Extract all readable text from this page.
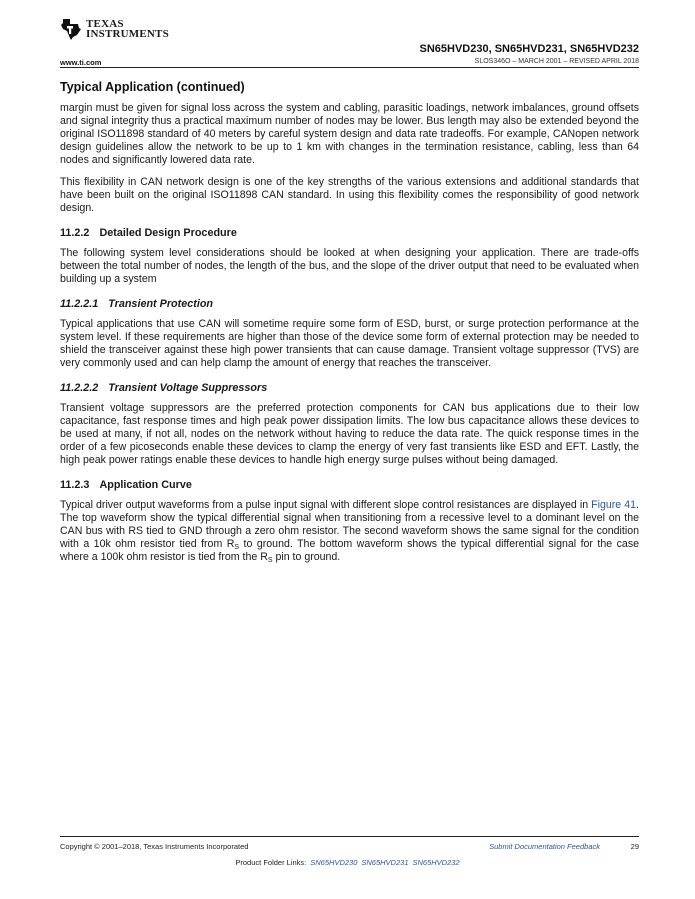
TEXAS
INSTRUMENTS
SN65HVD230, SN65HVD231, SN65HVD232
www.ti.com	SLOS346O – MARCH 2001 – REVISED APRIL 2018
Typical Application (continued)

margin must be given for signal loss across the system and cabling, parasitic loadings, network imbalances, ground offsets and signal integrity thus a practical maximum number of nodes may be lower. Bus length may also be extended beyond the original ISO11898 standard of 40 meters by careful system design and data rate tradeoffs. For example, CANopen network design guidelines allow the network to be up to 1 km with changes in the termination resistance, cabling, less than 64 nodes and significantly lowered data rate.

This flexibility in CAN network design is one of the key strengths of the various extensions and additional standards that have been built on the original ISO11898 CAN standard. In using this flexibility comes the responsibility of good network design.

11.2.2 Detailed Design Procedure

The following system level considerations should be looked at when designing your application. There are trade-offs between the total number of nodes, the length of the bus, and the slope of the driver output that need to be evaluated when building up a system

11.2.2.1 Transient Protection

Typical applications that use CAN will sometime require some form of ESD, burst, or surge protection performance at the system level. If these requirements are higher than those of the device some form of external protection may be needed to shield the transceiver against these high power transients that can cause damage. Transient voltage suppressor (TVS) are very commonly used and can help clamp the amount of energy that reaches the transceiver.

11.2.2.2 Transient Voltage Suppressors

Transient voltage suppressors are the preferred protection components for CAN bus applications due to their low capacitance, fast response times and high peak power dissipation limits. The low bus capacitance allows these devices to be used at many, if not all, nodes on the network without having to reduce the data rate. The quick response times in the order of a few picoseconds enable these devices to clamp the energy of very fast transients like ESD and EFT. Lastly, the high peak power ratings enable these devices to handle high energy surge pulses without being damaged.

11.2.3 Application Curve

Typical driver output waveforms from a pulse input signal with different slope control resistances are displayed in Figure 41. The top waveform show the typical differential signal when transitioning from a recessive level to a dominant level on the CAN bus with RS tied to GND through a zero ohm resistor. The second waveform shows the same signal for the condition with a 10k ohm resistor tied from $R_S$ to ground. The bottom waveform shows the typical differential signal for the case where a 100k ohm resistor is tied from the $R_S$ pin to ground.

Copyright © 2001–2018, Texas Instruments Incorporated	Submit Documentation Feedback	29
Product Folder Links: SN65HVD230 SN65HVD231 SN65HVD232
